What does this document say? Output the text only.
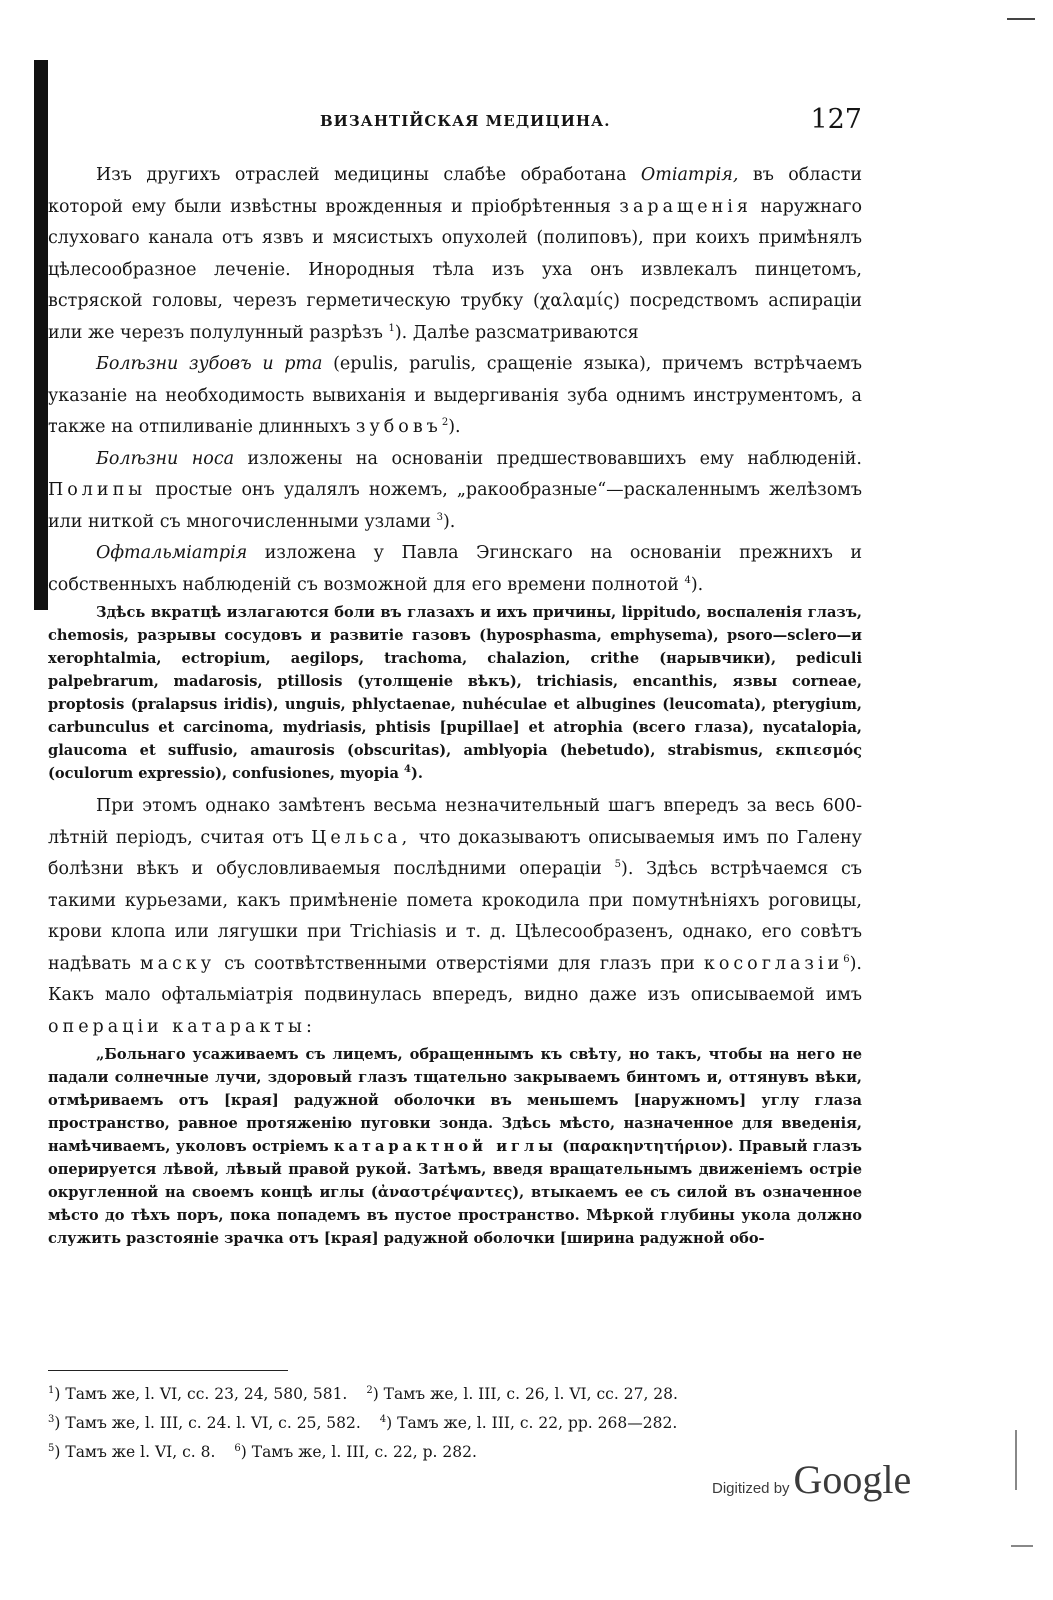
ВИЗАНТІЙСКАЯ МЕДИЦИНА.	127

Изъ другихъ отраслей медицины слабѣе обработана Отіатрія, въ области которой ему были извѣстны врожденныя и пріобрѣтенныя заращенія наружнаго слуховаго канала отъ язвъ и мясистыхъ опухолей (полиповъ), при коихъ примѣнялъ цѣлесообразное леченіе. Инородныя тѣла изъ уха онъ извлекалъ пинцетомъ, встряской головы, черезъ герметическую трубку (χαλαμίς) посредствомъ аспираціи или же черезъ полулунный разрѣзъ $^1$). Далѣе разсматриваются

Болѣзни зубовъ и рта (epulis, parulis, сращеніе языка), причемъ встрѣчаемъ указаніе на необходимость вывиханія и выдергиванія зуба однимъ инструментомъ, а также на отпиливаніе длинныхъ зубовъ$^2$).

Болѣзни носа изложены на основаніи предшествовавшихъ ему наблюденій. Полипы простые онъ удалялъ ножемъ, „ракообразные“—раскаленнымъ желѣзомъ или ниткой съ многочисленными узлами $^3$).

Офтальміатрія изложена у Павла Эгинскаго на основаніи прежнихъ и собственныхъ наблюденій съ возможной для его времени полнотой $^4$).

Здѣсь вкратцѣ излагаются боли въ глазахъ и ихъ причины, lippitudo, воспаленія глазъ, chemosis, разрывы сосудовъ и развитіе газовъ (hyposphasma, emphysema), psoro—sclero—и xerophtalmia, ectropium, aegilops, trachoma, chalazion, crithe (нарывчики), pediculi palpebrarum, madarosis, ptillosis (утолщеніе вѣкъ), trichiasis, encanthis, язвы corneae, proptosis (pralapsus iridis), unguis, phlyctaenae, nuhéculae et albugines (leucomata), pterygium, carbunculus et carcinoma, mydriasis, phtisis [pupillae] et atrophia (всего глаза), nycatalopia, glaucoma et suffusio, amaurosis (obscuritas), amblyopia (hebetudo), strabismus, εκπιεσμός (oculorum expressio), confusiones, myopia $^4$).

При этомъ однако замѣтенъ весьма незначительный шагъ впередъ за весь 600-лѣтній періодъ, считая отъ Цельса, что доказываютъ описываемыя имъ по Галену болѣзни вѣкъ и обусловливаемыя послѣдними операціи $^5$). Здѣсь встрѣчаемся съ такими курьезами, какъ примѣненіе помета крокодила при помутнѣніяхъ роговицы, крови клопа или лягушки при Trichiasis и т. д. Цѣлесообразенъ, однако, его совѣтъ надѣвать маску съ соотвѣтственными отверстіями для глазъ при косоглазіи$^6$). Какъ мало офтальміатрія подвинулась впередъ, видно даже изъ описываемой имъ операціи катаракты:

„Больнаго усаживаемъ съ лицемъ, обращеннымъ къ свѣту, но такъ, чтобы на него не падали солнечные лучи, здоровый глазъ тщательно закрываемъ бинтомъ и, оттянувъ вѣки, отмѣриваемъ отъ [края] радужной оболочки въ меньшемъ [наружномъ] углу глаза пространство, равное протяженію пуговки зонда. Здѣсь мѣсто, назначенное для введенія, намѣчиваемъ, уколовъ остріемъ катарактной иглы (παρακηντητήριον). Правый глазъ оперируется лѣвой, лѣвый правой рукой. Затѣмъ, введя вращательнымъ движеніемъ остріе округленной на своемъ концѣ иглы (ἀναστρέψαντες), втыкаемъ ее съ силой въ означенное мѣсто до тѣхъ поръ, пока попадемъ въ пустое пространство. Мѣркой глубины укола должно служить разстояніе зрачка отъ [края] радужной оболочки [ширина радужной обо-

$^1$) Тамъ же, l. VI, cc. 23, 24, 580, 581. $^2$) Тамъ же, l. III, c. 26, l. VI, cc. 27, 28.
$^3$) Тамъ же, l. III, c. 24. l. VI, c. 25, 582. $^4$) Тамъ же, l. III, c. 22, pp. 268—282.
$^5$) Тамъ же l. VI, c. 8. $^6$) Тамъ же, l. III, c. 22, p. 282.
Digitized by Google
